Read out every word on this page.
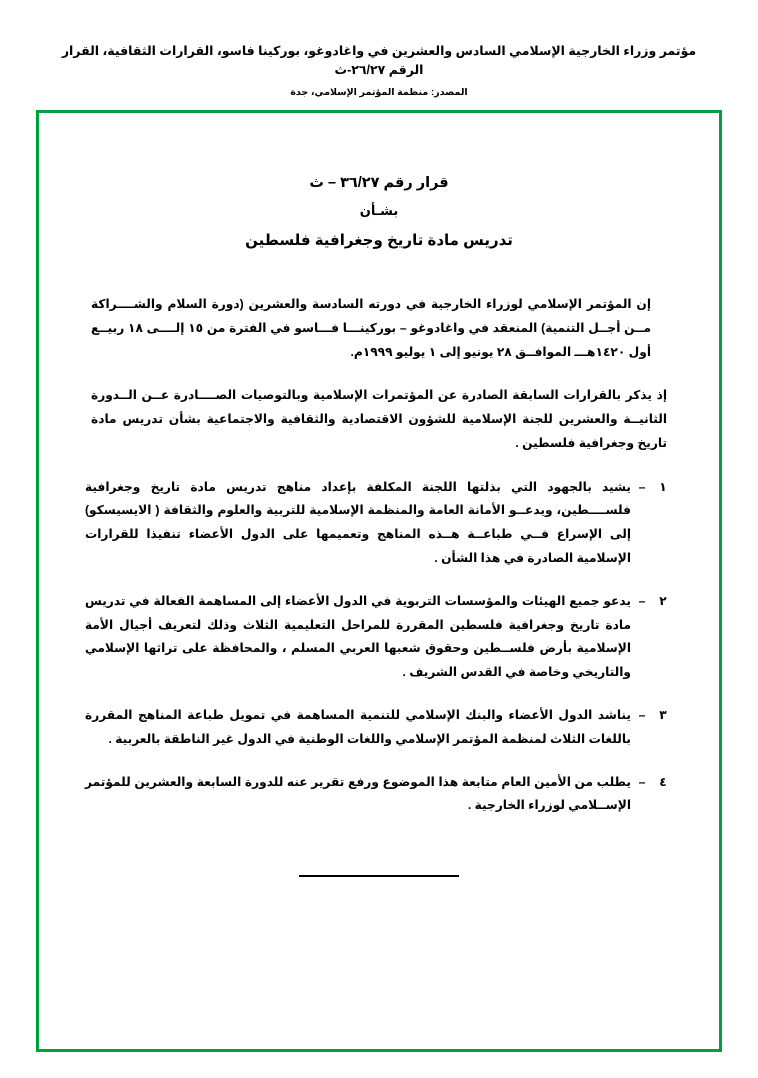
مؤتمر وزراء الخارجية الإسلامي السادس والعشرين في واغادوغو، بوركينا فاسو، القرارات الثقافية، القرار الرقم ٢٦/٢٧-ث
المصدر: منظمة المؤتمر الإسلامي، جدة
قرار رقم ٣٦/٢٧ – ث
بشـأن
تدريس مادة تاريخ وجغرافية فلسطين

إن المؤتمر الإسلامي لوزراء الخارجية في دورته السادسة والعشرين (دورة السلام والشــــراكة مــن أجــل التنمية) المنعقد في واغادوغو – بوركينـــا فـــاسو في الفترة من ١٥ إلــــى ١٨ ربيــع أول ١٤٢٠هـــ الموافــق ٢٨ يونيو إلى ١ يوليو ١٩٩٩م.

إذ يذكر بالقرارات السابقة الصادرة عن المؤتمرات الإسلامية وبالتوصيات الصــــادرة عــن الــدورة الثانيــة والعشرين للجنة الإسلامية للشؤون الاقتصادية والثقافية والاجتماعية بشأن تدريس مادة تاريخ وجغرافية فلسطين .

١
–
يشيد بالجهود التي بذلتها اللجنة المكلفة بإعداد مناهج تدريس مادة تاريخ وجغرافية فلســــطين، ويدعــو الأمانة العامة والمنظمة الإسلامية للتربية والعلوم والثقافة ( الايسيسكو) إلى الإسراع فــي طباعــة هــذه المناهج وتعميمها على الدول الأعضاء تنفيذا للقرارات الإسلامية الصادرة في هذا الشأن .
٢
–
يدعو جميع الهيئات والمؤسسات التربوية في الدول الأعضاء إلى المساهمة الفعالة في تدريس مادة تاريخ وجغرافية فلسطين المقررة للمراحل التعليمية الثلاث وذلك لتعريف أجيال الأمة الإسلامية بأرض فلســطين وحقوق شعبها العربي المسلم ، والمحافظة على تراثها الإسلامي والتاريخي وخاصة في القدس الشريف .
٣
–
يناشد الدول الأعضاء والبنك الإسلامي للتنمية المساهمة في تمويل طباعة المناهج المقررة باللغات الثلاث لمنظمة المؤتمر الإسلامي واللغات الوطنية في الدول غير الناطقة بالعربية .
٤
–
يطلب من الأمين العام متابعة هذا الموضوع ورفع تقرير عنه للدورة السابعة والعشرين للمؤتمر الإســلامي لوزراء الخارجية .
